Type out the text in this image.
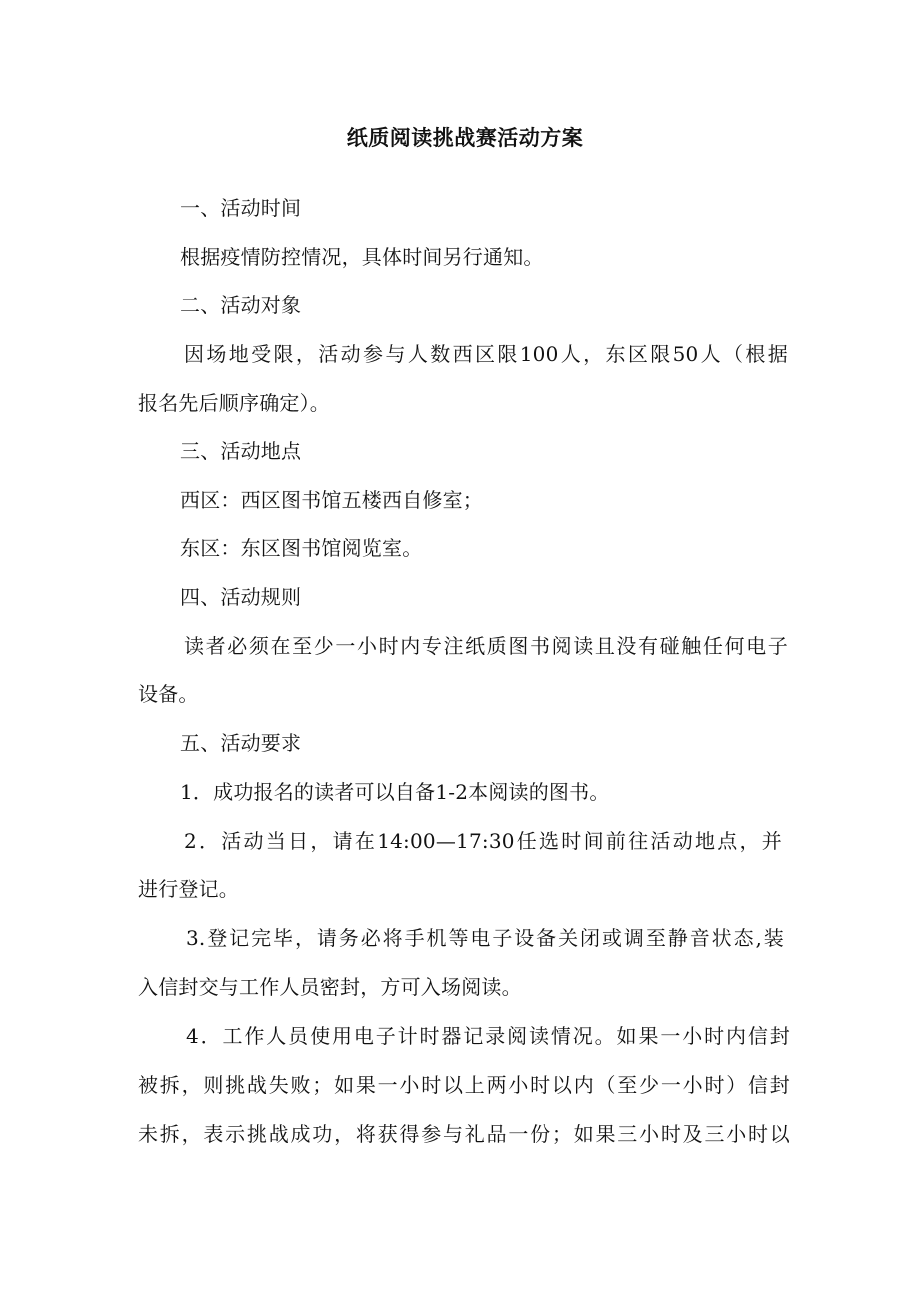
纸质阅读挑战赛活动方案

一、活动时间

根据疫情防控情况，具体时间另行通知。

二、活动对象

因场地受限，活动参与人数西区限100人，东区限50人（根据

报名先后顺序确定）。

三、活动地点

西区：西区图书馆五楼西自修室；

东区：东区图书馆阅览室。

四、活动规则

读者必须在至少一小时内专注纸质图书阅读且没有碰触任何电子

设备。

五、活动要求

1．成功报名的读者可以自备1-2本阅读的图书。

2．活动当日，请在14:00—17:30任选时间前往活动地点，并

进行登记。

3.登记完毕，请务必将手机等电子设备关闭或调至静音状态,装

入信封交与工作人员密封，方可入场阅读。

4．工作人员使用电子计时器记录阅读情况。如果一小时内信封

被拆，则挑战失败；如果一小时以上两小时以内（至少一小时）信封

未拆，表示挑战成功，将获得参与礼品一份；如果三小时及三小时以
